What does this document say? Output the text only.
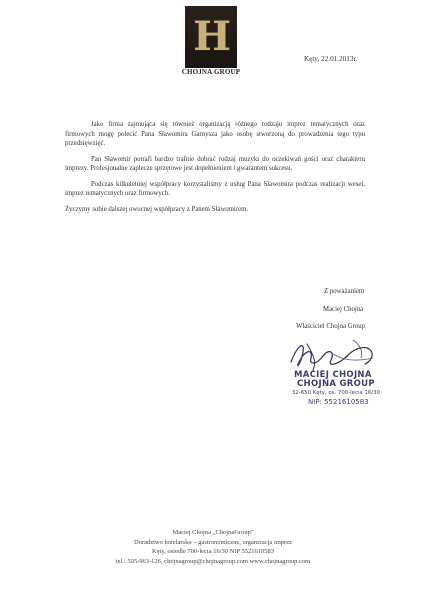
H
CHOJNA GROUP
Kęty, 22.01.2013r.

Jako firma zajmująca się również organizacją różnego rodzaju imprez tematycznych oraz firmowych mogę polecić Pana Sławomira Garnysza jako osobę stworzoną do prowadzenia tego typu przedsięwzięć.

Pan Sławomir potrafi bardzo trafnie dobrać rodzaj muzyki do oczekiwań gości oraz charakteru imprezy. Profesjonalne zaplecze sprzętowe jest dopełnieniem i gwarantem sukcesu.

Podczas kilkuletniej współpracy korzystaliśmy z usług Pana Sławomira podczas realizacji wesel, imprez tematycznych oraz firmowych.

Życzymy sobie dalszej owocnej współpracy z Panem Sławomirem.

Z poważaniem
Maciej Chojna
Właściciel Chojna Group
MACIEJ CHOJNA
CHOJNA GROUP
32-650 Kęty, os. 700-lecia 16/30
NIP: 5521610583
Maciej Chojna „ChojnaGroup"
Doradztwo hotelarsko – gastronomiczne, organizacja imprez
Kęty, osiedle 700-lecia 16/30 NIP 5521610583
tel.: 505-963-126, chojnagroup@chojnagroup.com www.chojnagroup.com
